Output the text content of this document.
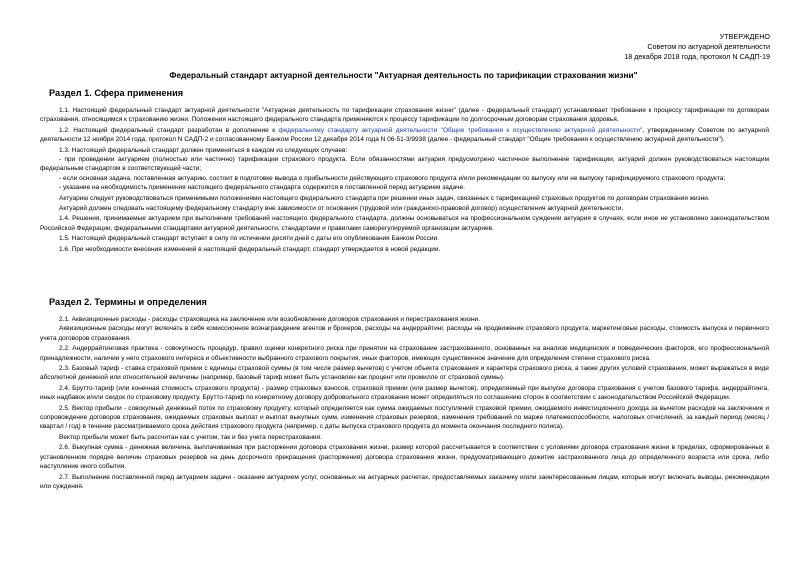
УТВЕРЖДЕНО
Советом по актуарной деятельности
18 декабря 2018 года, протокол N САДП-19
Федеральный стандарт актуарной деятельности "Актуарная деятельность по тарификации страхования жизни"
Раздел 1. Сфера применения

1.1. Настоящий федеральный стандарт актуарной деятельности "Актуарная деятельность по тарификации страхования жизни" (далее - федеральный стандарт) устанавливает требования к процессу тарификации по договорам страхования, относящимся к страхованию жизни. Положения настоящего федерального стандарта применяются к процессу тарификации по долгосрочным договорам страхования здоровья.

1.2. Настоящий федеральный стандарт разработан в дополнение к федеральному стандарту актуарной деятельности "Общие требования к осуществлению актуарной деятельности", утвержденному Советом по актуарной деятельности 12 ноября 2014 года, протокол N САДП-2 и согласованному Банком России 12 декабря 2014 года N 06-51-3/9938 (далее - федеральный стандарт "Общие требования к осуществлению актуарной деятельности").

1.3. Настоящий федеральный стандарт должен применяться в каждом из следующих случаев:

- при проведении актуарием (полностью или частично) тарификации страхового продукта. Если обязанностями актуария предусмотрено частичное выполнение тарификации, актуарий должен руководствоваться настоящим федеральным стандартом в соответствующей части;

- если основная задача, поставленная актуарию, состоит в подготовке вывода о прибыльности действующего страхового продукта и/или рекомендации по выпуску или не выпуску тарифицируемого страхового продукта;

- указание на необходимость применения настоящего федерального стандарта содержится в поставленной перед актуарием задаче.

Актуарию следует руководствоваться применимыми положениями настоящего федерального стандарта при решении иных задач, связанных с тарификацией страховых продуктов по договорам страхования жизни.

Актуарий должен следовать настоящему федеральному стандарту вне зависимости от основания (трудовой или гражданско-правовой договор) осуществления актуарной деятельности.

1.4. Решения, принимаемые актуарием при выполнении требований настоящего федерального стандарта, должны основываться на профессиональном суждении актуария в случаях, если иное не установлено законодательством Российской Федерации, федеральными стандартами актуарной деятельности, стандартами и правилами саморегулируемой организации актуариев.

1.5. Настоящий федеральный стандарт вступает в силу по истечении десяти дней с даты его опубликования Банком России.

1.6. При необходимости внесения изменений в настоящий федеральный стандарт, стандарт утверждается в новой редакции.

Раздел 2. Термины и определения

2.1. Аквизиционные расходы - расходы страховщика на заключение или возобновление договоров страхования и перестрахования жизни.

Аквизиционные расходы могут включать в себя комиссионное вознаграждение агентов и брокеров, расходы на андеррайтинг, расходы на продвижение страхового продукта, маркетинговые расходы, стоимость выпуска и первичного учета договоров страхования.

2.2. Андеррайтинговая практика - совокупность процедур, правил оценки конкретного риска при принятии на страхование застрахованного, основанных на анализе медицинских и поведенческих факторов, его профессиональной принадлежности, наличии у него страхового интереса и объективности выбранного страхового покрытия, иных факторов, имеющих существенное значение для определения степени страхового риска.

2.3. Базовый тариф - ставка страховой премии с единицы страховой суммы (в том числе размер вычетов) с учетом объекта страхования и характера страхового риска, а также других условий страхования, может выражаться в виде абсолютной денежной или относительной величины (например, базовый тариф может быть установлен как процент или промилле от страховой суммы).

2.4. Брутто-тариф (или конечная стоимость страхового продукта) - размер страховых взносов, страховой премии (или размер вычетов), определяемый при выпуске договора страхования с учетом базового тарифа, андеррайтинга, иных надбавок и/или скидок по страховому продукту. Брутто-тариф по конкретному договору добровольного страхования может определяться по соглашению сторон в соответствии с законодательством Российской Федерации.

2.5. Вектор прибыли - совокупный денежный поток по страховому продукту, который определяется как сумма ожидаемых поступлений страховой премии, ожидаемого инвестиционного дохода за вычетом расходов на заключение и сопровождение договоров страхования, ожидаемых страховых выплат и выплат выкупных сумм, изменения страховых резервов, изменения требований по марже платежеспособности, налоговых отчислений, за каждый период (месяц / квартал / год) в течение рассматриваемого срока действия страхового продукта (например, с даты выпуска страхового продукта до момента окончания последнего полиса).

Вектор прибыли может быть рассчитан как с учетом, так и без учета перестрахования.

2.6. Выкупная сумма - денежная величина, выплачиваемая при расторжении договора страхования жизни, размер которой рассчитывается в соответствии с условиями договора страхования жизни в пределах, сформированных в установленном порядке величин страховых резервов на день досрочного прекращения (расторжения) договора страхования жизни, предусматривающего дожитие застрахованного лица до определенного возраста или срока, либо наступление иного события.

2.7. Выполнение поставленной перед актуарием задачи - оказание актуарием услуг, основанных на актуарных расчетах, предоставляемых заказчику и/или заинтересованным лицам, которые могут включать выводы, рекомендации или суждения.
